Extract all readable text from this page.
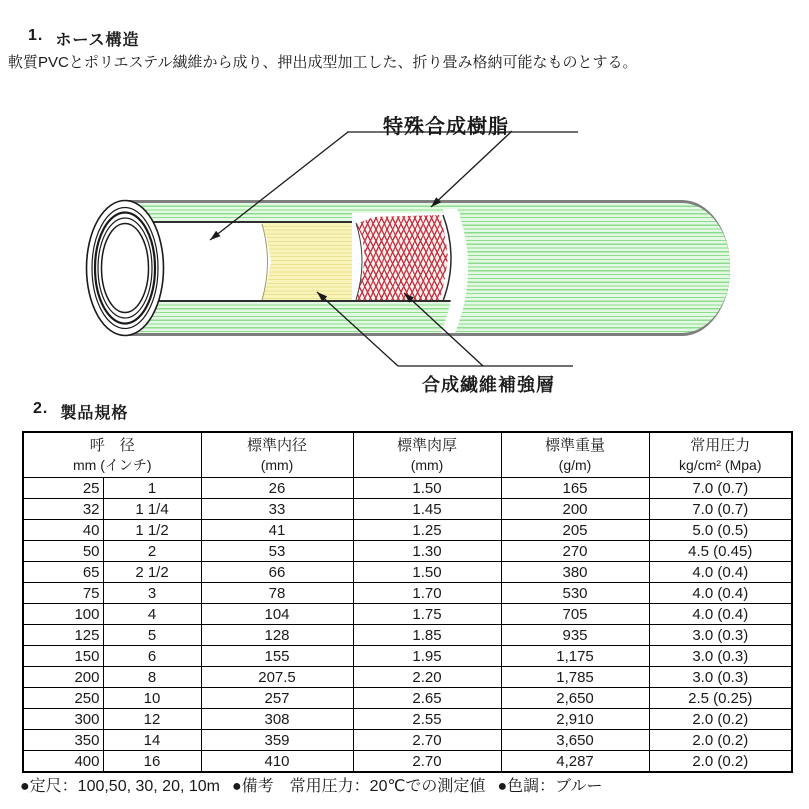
1. ホース構造
軟質PVCとポリエステル繊維から成り、押出成型加工した、折り畳み格納可能なものとする。
特殊合成樹脂
合成繊維補強層
2. 製品規格
呼　径
mm (インチ)

標準内径
(mm)

標準肉厚
(mm)

標準重量
(g/m)

常用圧力
kg/cm² (Mpa)

25	1	26	1.50	165	7.0 (0.7)
32	1 1/4	33	1.45	200	7.0 (0.7)
40	1 1/2	41	1.25	205	5.0 (0.5)
50	2	53	1.30	270	4.5 (0.45)
65	2 1/2	66	1.50	380	4.0 (0.4)
75	3	78	1.70	530	4.0 (0.4)
100	4	104	1.75	705	4.0 (0.4)
125	5	128	1.85	935	3.0 (0.3)
150	6	155	1.95	1,175	3.0 (0.3)
200	8	207.5	2.20	1,785	3.0 (0.3)
250	10	257	2.65	2,650	2.5 (0.25)
300	12	308	2.55	2,910	2.0 (0.2)
350	14	359	2.70	3,650	2.0 (0.2)
400	16	410	2.70	4,287	2.0 (0.2)
●定尺：100,50, 30, 20, 10m ●備考　常用圧力：20℃での測定値 ●色調：ブルー
